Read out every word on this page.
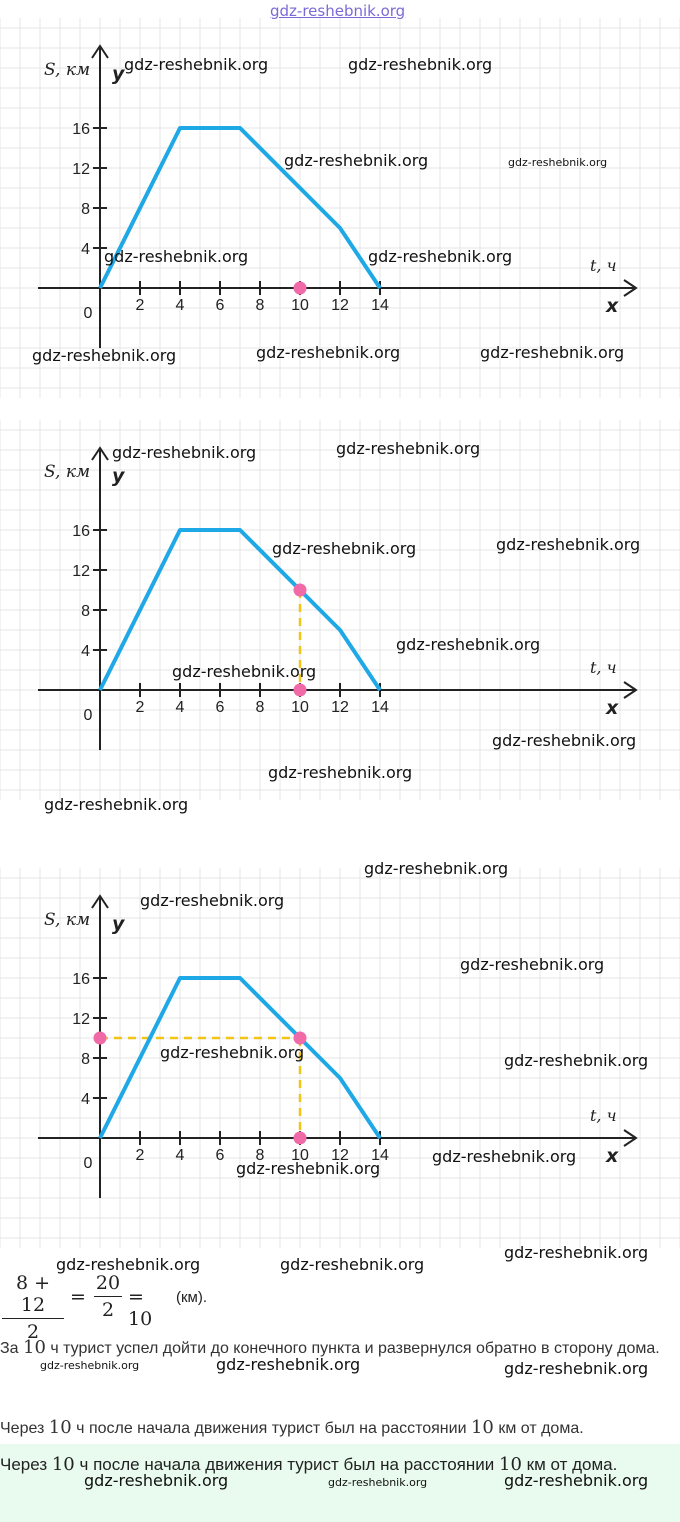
gdz-reshebnik.org
2 4 6 8 10 12 14
4
8
12
16
0
S, км y
t, ч
x
2 4 6 8 10 12 14
4
8
12
16
0
S, км y
t, ч
x
2 4 6 8 10 12 14
4
8
12
16
0
S, км y
t, ч
x
8 + 12
2
=
20
2
= 10
(км).
За 10 ч турист успел дойти до конечного пункта и развернулся обратно в сторону дома.
Через 10 ч после начала движения турист был на расстоянии 10 км от дома.
Через 10 ч после начала движения турист был на расстоянии 10 км от дома.
gdz-reshebnik.org	gdz-reshebnik.org
gdz-reshebnik.org	gdz-reshebnik.org
gdz-reshebnik.org	gdz-reshebnik.org
gdz-reshebnik.org	gdz-reshebnik.org	gdz-reshebnik.org
gdz-reshebnik.org	gdz-reshebnik.org
gdz-reshebnik.org	gdz-reshebnik.org
gdz-reshebnik.org
gdz-reshebnik.org
gdz-reshebnik.org
gdz-reshebnik.org
gdz-reshebnik.org
gdz-reshebnik.org
gdz-reshebnik.org
gdz-reshebnik.org
gdz-reshebnik.org	gdz-reshebnik.org
gdz-reshebnik.org
gdz-reshebnik.org
gdz-reshebnik.org
gdz-reshebnik.org	gdz-reshebnik.org
gdz-reshebnik.org	gdz-reshebnik.org	gdz-reshebnik.org
gdz-reshebnik.org	gdz-reshebnik.org	gdz-reshebnik.org
